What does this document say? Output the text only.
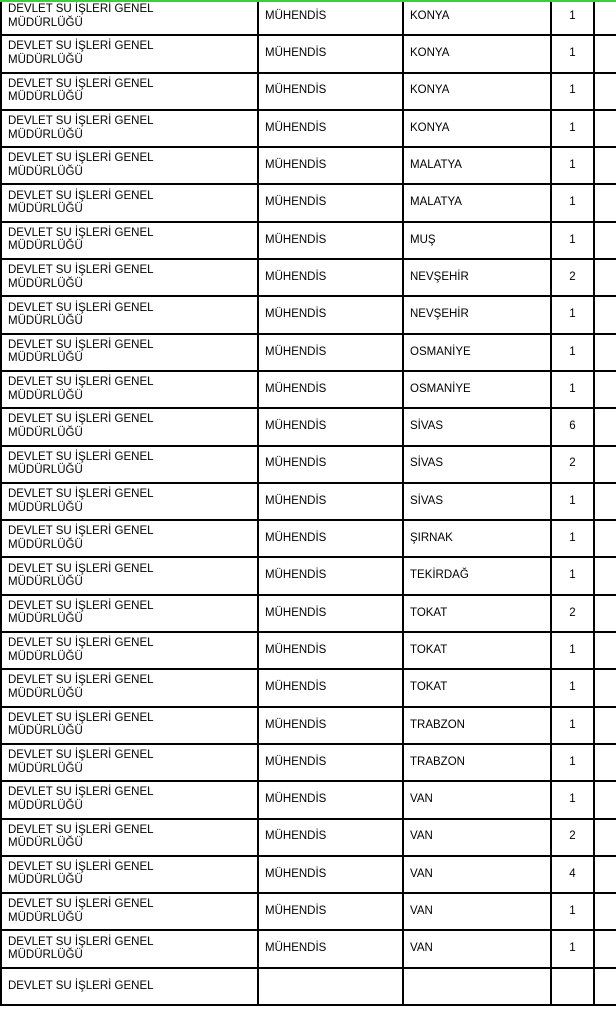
DEVLET SU İŞLERİ GENEL
MÜDÜRLÜĞÜ	MÜHENDİS	KONYA	1	

DEVLET SU İŞLERİ GENEL
MÜDÜRLÜĞÜ	MÜHENDİS	KONYA	1	

DEVLET SU İŞLERİ GENEL
MÜDÜRLÜĞÜ	MÜHENDİS	KONYA	1	

DEVLET SU İŞLERİ GENEL
MÜDÜRLÜĞÜ	MÜHENDİS	KONYA	1	

DEVLET SU İŞLERİ GENEL
MÜDÜRLÜĞÜ	MÜHENDİS	MALATYA	1	

DEVLET SU İŞLERİ GENEL
MÜDÜRLÜĞÜ	MÜHENDİS	MALATYA	1	

DEVLET SU İŞLERİ GENEL
MÜDÜRLÜĞÜ	MÜHENDİS	MUŞ	1	

DEVLET SU İŞLERİ GENEL
MÜDÜRLÜĞÜ	MÜHENDİS	NEVŞEHİR	2	

DEVLET SU İŞLERİ GENEL
MÜDÜRLÜĞÜ	MÜHENDİS	NEVŞEHİR	1	

DEVLET SU İŞLERİ GENEL
MÜDÜRLÜĞÜ	MÜHENDİS	OSMANİYE	1	

DEVLET SU İŞLERİ GENEL
MÜDÜRLÜĞÜ	MÜHENDİS	OSMANİYE	1	

DEVLET SU İŞLERİ GENEL
MÜDÜRLÜĞÜ	MÜHENDİS	SİVAS	6	

DEVLET SU İŞLERİ GENEL
MÜDÜRLÜĞÜ	MÜHENDİS	SİVAS	2	

DEVLET SU İŞLERİ GENEL
MÜDÜRLÜĞÜ	MÜHENDİS	SİVAS	1	

DEVLET SU İŞLERİ GENEL
MÜDÜRLÜĞÜ	MÜHENDİS	ŞIRNAK	1	

DEVLET SU İŞLERİ GENEL
MÜDÜRLÜĞÜ	MÜHENDİS	TEKİRDAĞ	1	

DEVLET SU İŞLERİ GENEL
MÜDÜRLÜĞÜ	MÜHENDİS	TOKAT	2	

DEVLET SU İŞLERİ GENEL
MÜDÜRLÜĞÜ	MÜHENDİS	TOKAT	1	

DEVLET SU İŞLERİ GENEL
MÜDÜRLÜĞÜ	MÜHENDİS	TOKAT	1	

DEVLET SU İŞLERİ GENEL
MÜDÜRLÜĞÜ	MÜHENDİS	TRABZON	1	

DEVLET SU İŞLERİ GENEL
MÜDÜRLÜĞÜ	MÜHENDİS	TRABZON	1	

DEVLET SU İŞLERİ GENEL
MÜDÜRLÜĞÜ	MÜHENDİS	VAN	1	

DEVLET SU İŞLERİ GENEL
MÜDÜRLÜĞÜ	MÜHENDİS	VAN	2	

DEVLET SU İŞLERİ GENEL
MÜDÜRLÜĞÜ	MÜHENDİS	VAN	4	

DEVLET SU İŞLERİ GENEL
MÜDÜRLÜĞÜ	MÜHENDİS	VAN	1	

DEVLET SU İŞLERİ GENEL
MÜDÜRLÜĞÜ	MÜHENDİS	VAN	1	

DEVLET SU İŞLERİ GENEL				
